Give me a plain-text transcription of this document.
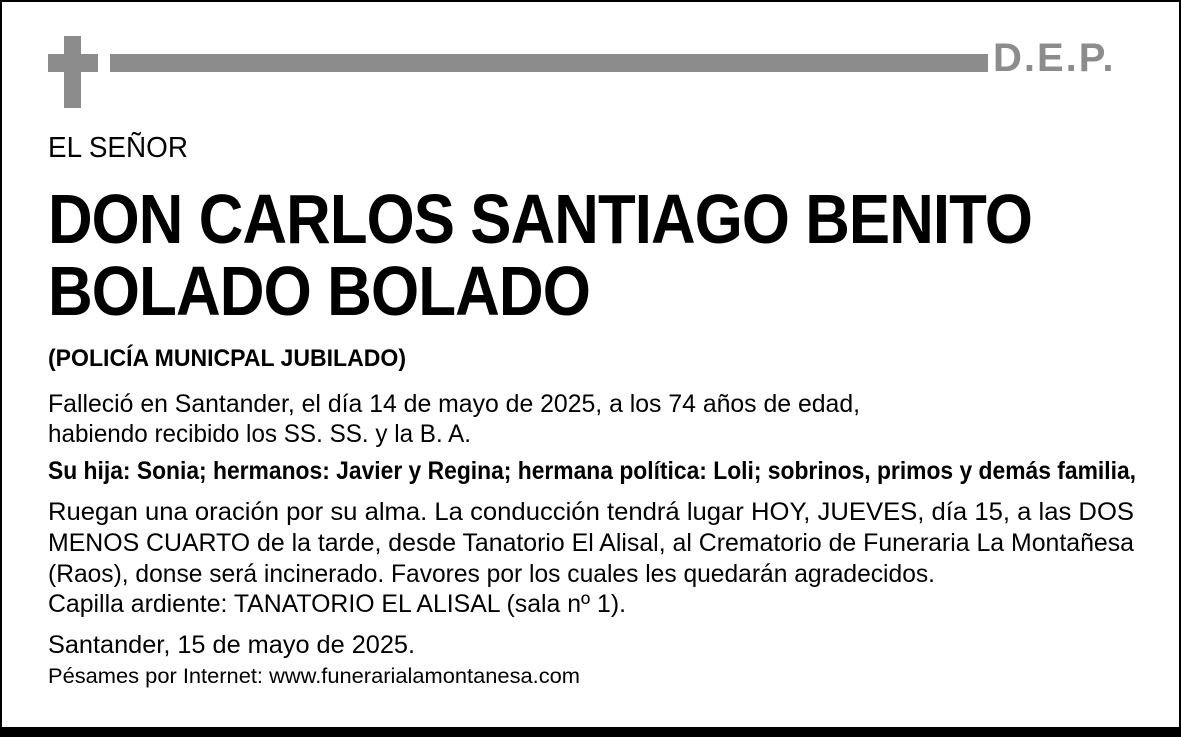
D.E.P.
EL SEÑOR
DON CARLOS SANTIAGO BENITO
BOLADO BOLADO
(POLICÍA MUNICPAL JUBILADO)
Falleció en Santander, el día 14 de mayo de 2025, a los 74 años de edad,
habiendo recibido los SS. SS. y la B. A.
Su hija: Sonia; hermanos: Javier y Regina; hermana política: Loli; sobrinos, primos y demás familia,
Ruegan una oración por su alma. La conducción tendrá lugar HOY, JUEVES, día 15, a las DOS
MENOS CUARTO de la tarde, desde Tanatorio El Alisal, al Crematorio de Funeraria La Montañesa
(Raos), donse será incinerado. Favores por los cuales les quedarán agradecidos.
Capilla ardiente: TANATORIO EL ALISAL (sala nº 1).
Santander, 15 de mayo de 2025.
Pésames por Internet: www.funerarialamontanesa.com
